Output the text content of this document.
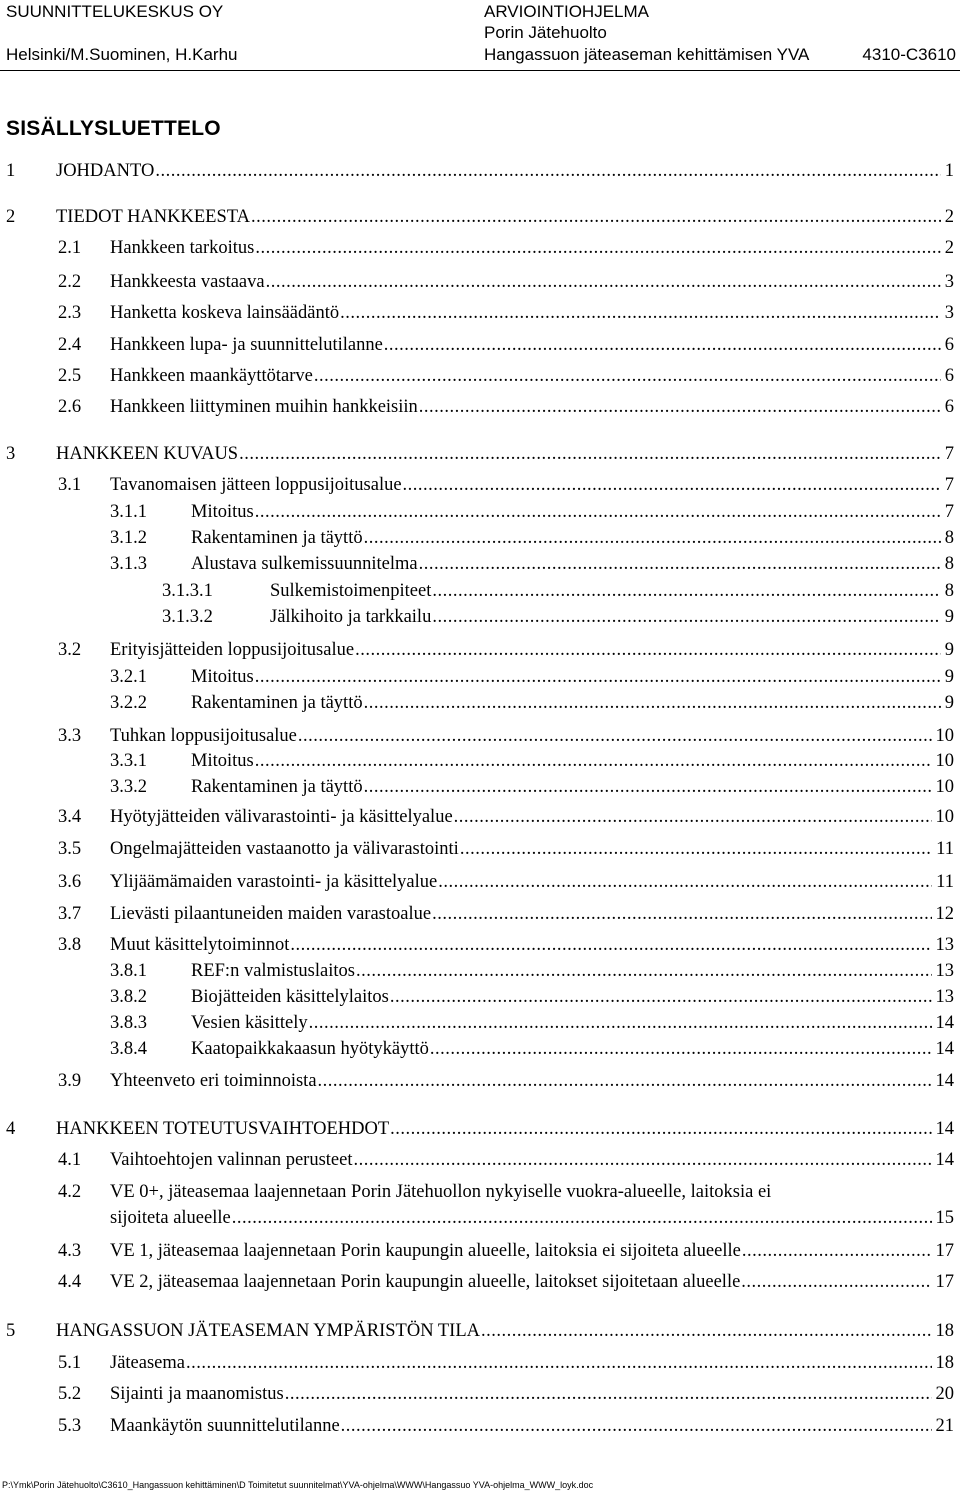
SUUNNITTELUKESKUS OY
Helsinki/M.Suominen, H.Karhu
ARVIOINTIOHJELMA
Porin Jätehuolto
Hangassuon jäteaseman kehittämisen YVA	4310-C3610
SISÄLLYSLUETTELO
1 JOHDANTO .....	1
2 TIEDOT HANKKEESTA .....	2
2.1 Hankkeen tarkoitus .....	2
2.2 Hankkeesta vastaava .....	3
2.3 Hanketta koskeva lainsäädäntö .....	3
2.4 Hankkeen lupa- ja suunnittelutilanne .....	6
2.5 Hankkeen maankäyttötarve .....	6
2.6 Hankkeen liittyminen muihin hankkeisiin .....	6
3 HANKKEEN KUVAUS .....	7
3.1 Tavanomaisen jätteen loppusijoitusalue .....	7
3.1.1 Mitoitus .....	7
3.1.2 Rakentaminen ja täyttö .....	8
3.1.3 Alustava sulkemissuunnitelma .....	8
3.1.3.1	Sulkemistoimenpiteet .....	8
3.1.3.2	Jälkihoito ja tarkkailu .....	9
3.2 Erityisjätteiden loppusijoitusalue .....	9
3.2.1 Mitoitus .....	9
3.2.2 Rakentaminen ja täyttö .....	9
3.3 Tuhkan loppusijoitusalue .....	10
3.3.1 Mitoitus .....	10
3.3.2 Rakentaminen ja täyttö .....	10
3.4 Hyötyjätteiden välivarastointi- ja käsittelyalue .....	10
3.5 Ongelmajätteiden vastaanotto ja välivarastointi .....	11
3.6 Ylijäämämaiden varastointi- ja käsittelyalue .....	11
3.7 Lievästi pilaantuneiden maiden varastoalue .....	12
3.8 Muut käsittelytoiminnot .....	13
3.8.1 REF:n valmistuslaitos .....	13
3.8.2 Biojätteiden käsittelylaitos .....	13
3.8.3 Vesien käsittely .....	14
3.8.4 Kaatopaikkakaasun hyötykäyttö .....	14
3.9 Yhteenveto eri toiminnoista .....	14
4 HANKKEEN TOTEUTUSVAIHTOEHDOT .....	14
4.1 Vaihtoehtojen valinnan perusteet .....	14
4.2 VE 0+, jäteasemaa laajennetaan Porin Jätehuollon nykyiselle vuokra-alueelle, laitoksia ei
sijoiteta alueelle .....	15
4.3 VE 1, jäteasemaa laajennetaan Porin kaupungin alueelle, laitoksia ei sijoiteta alueelle .....	17
4.4 VE 2, jäteasemaa laajennetaan Porin kaupungin alueelle, laitokset sijoitetaan alueelle .....	17
5 HANGASSUON JÄTEASEMAN YMPÄRISTÖN TILA .....	18
5.1 Jäteasema .....	18
5.2 Sijainti ja maanomistus .....	20
5.3 Maankäytön suunnittelutilanne .....	21
P:\Ymk\Porin Jätehuolto\C3610_Hangassuon kehittäminen\D Toimitetut suunnitelmat\YVA-ohjelma\WWW\Hangassuo YVA-ohjelma_WWW_loyk.doc
